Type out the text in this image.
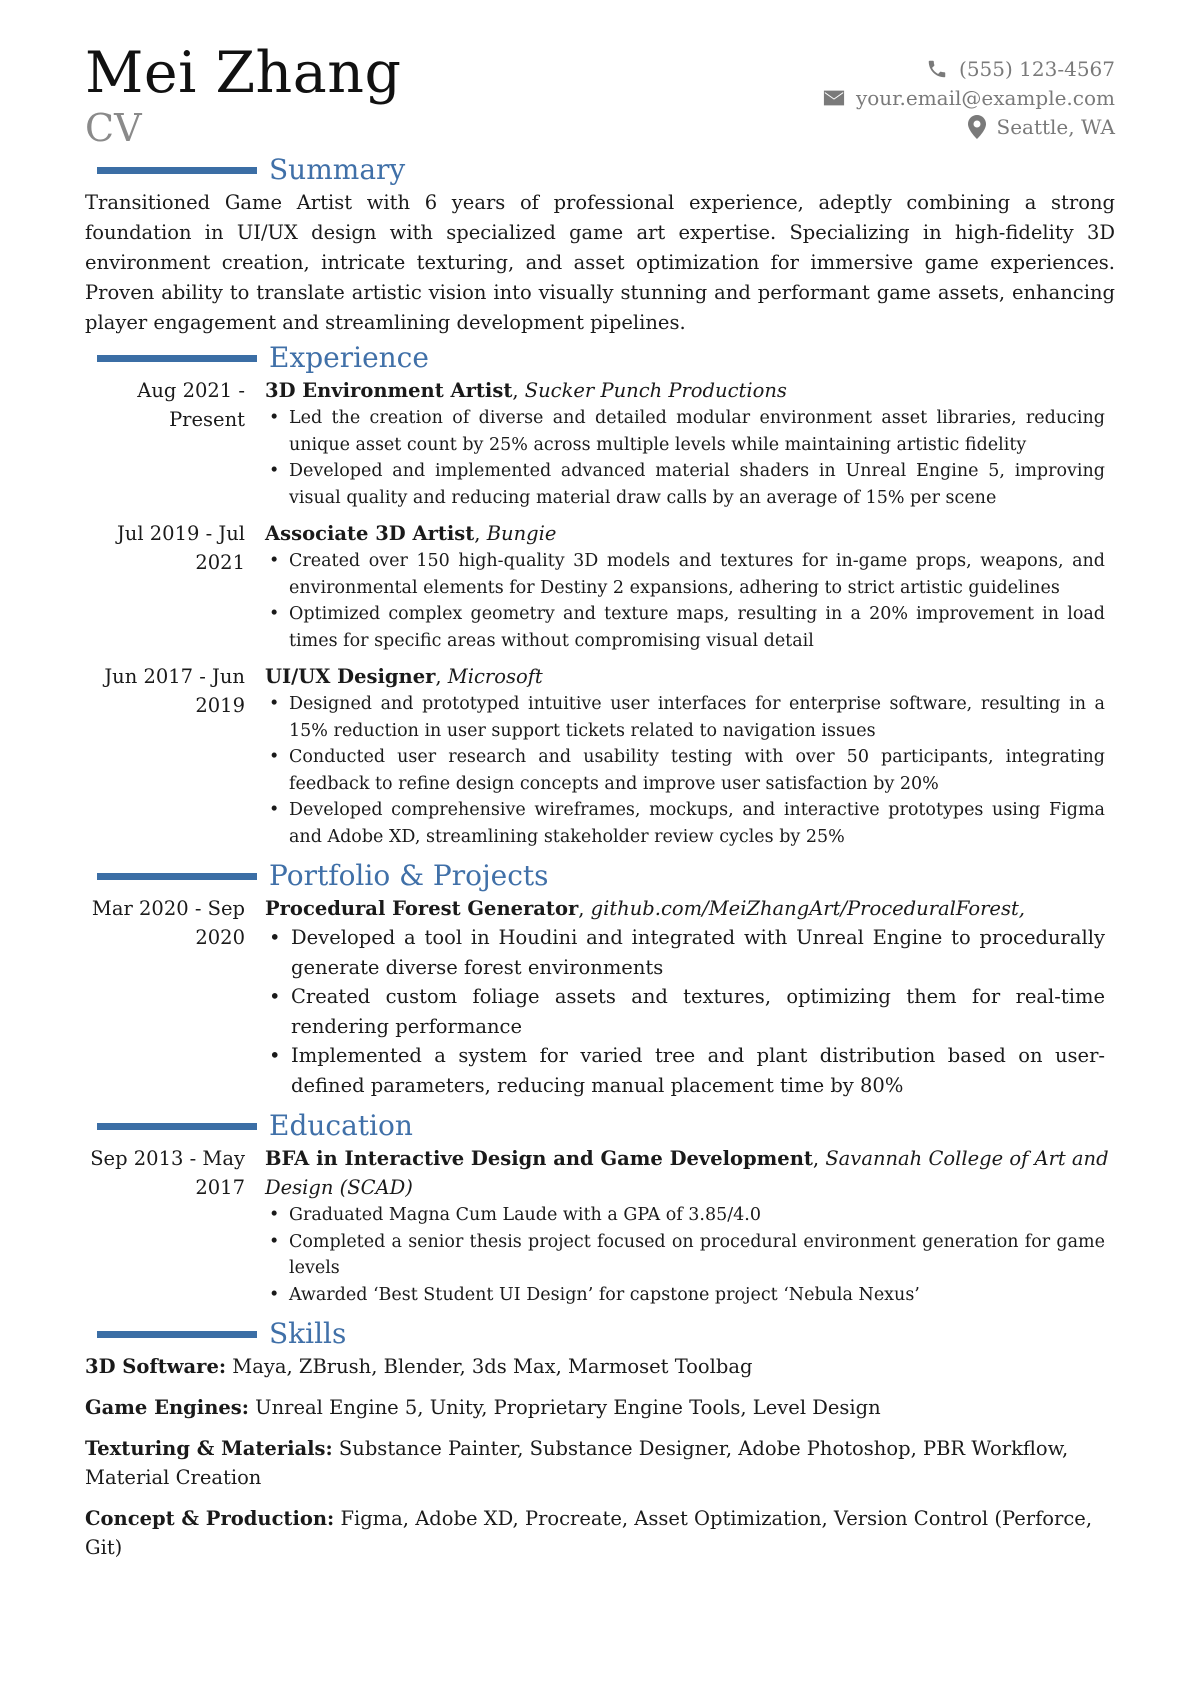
Mei Zhang
CV
(555) 123-4567
your.email@example.com
Seattle, WA
Summary

Transitioned Game Artist with 6 years of professional experience, adeptly combining a strong foundation in UI/UX design with specialized game art expertise. Specializing in high-fidelity 3D environment creation, intricate texturing, and asset optimization for immersive game experiences. Proven ability to translate artistic vision into visually stunning and performant game assets, enhancing player engagement and streamlining development pipelines.

Experience
Aug 2021 - Present
3D Environment Artist, Sucker Punch Productions
• Led the creation of diverse and detailed modular environment asset libraries, reducing unique asset count by 25% across multiple levels while maintaining artistic fidelity
• Developed and implemented advanced material shaders in Unreal Engine 5, improving visual quality and reducing material draw calls by an average of 15% per scene
Jul 2019 - Jul 2021
Associate 3D Artist, Bungie
• Created over 150 high-quality 3D models and textures for in-game props, weapons, and environmental elements for Destiny 2 expansions, adhering to strict artistic guidelines
• Optimized complex geometry and texture maps, resulting in a 20% improvement in load times for specific areas without compromising visual detail
Jun 2017 - Jun 2019
UI/UX Designer, Microsoft
• Designed and prototyped intuitive user interfaces for enterprise software, resulting in a 15% reduction in user support tickets related to navigation issues
• Conducted user research and usability testing with over 50 participants, integrating feedback to refine design concepts and improve user satisfaction by 20%
• Developed comprehensive wireframes, mockups, and interactive prototypes using Figma and Adobe XD, streamlining stakeholder review cycles by 25%
Portfolio & Projects
Mar 2020 - Sep 2020
Procedural Forest Generator, github.com/MeiZhangArt/ProceduralForest,
• Developed a tool in Houdini and integrated with Unreal Engine to procedurally generate diverse forest environments
• Created custom foliage assets and textures, optimizing them for real-time rendering performance
• Implemented a system for varied tree and plant distribution based on user-defined parameters, reducing manual placement time by 80%
Education
Sep 2013 - May 2017
BFA in Interactive Design and Game Development, Savannah College of Art and Design (SCAD)
• Graduated Magna Cum Laude with a GPA of 3.85/4.0
• Completed a senior thesis project focused on procedural environment generation for game levels
• Awarded ‘Best Student UI Design’ for capstone project ‘Nebula Nexus’
Skills
3D Software: Maya, ZBrush, Blender, 3ds Max, Marmoset Toolbag
Game Engines: Unreal Engine 5, Unity, Proprietary Engine Tools, Level Design
Texturing & Materials: Substance Painter, Substance Designer, Adobe Photoshop, PBR Workflow, Material Creation
Concept & Production: Figma, Adobe XD, Procreate, Asset Optimization, Version Control (Perforce, Git)
